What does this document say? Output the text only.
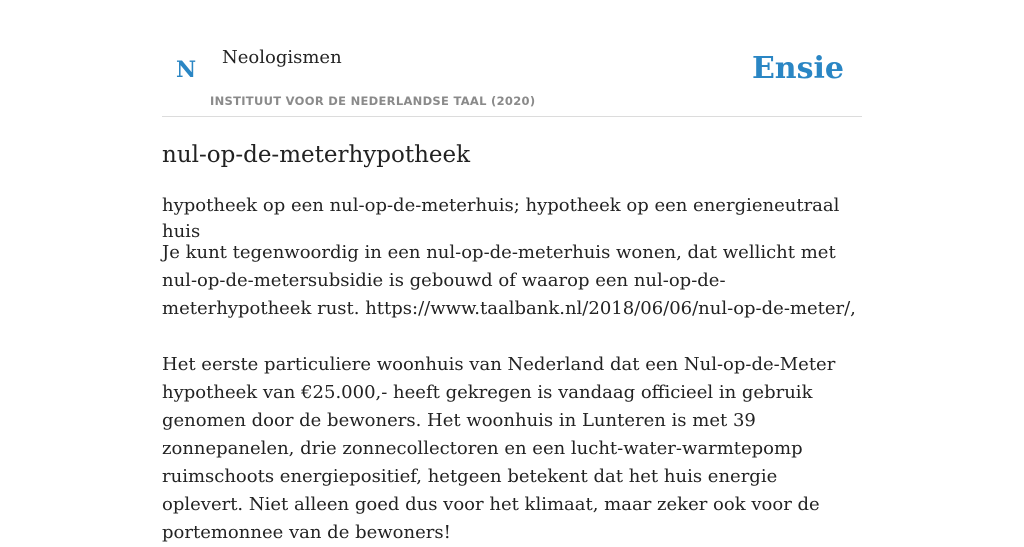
N Neologismen
INSTITUUT VOOR DE NEDERLANDSE TAAL (2020)
Ensie
nul-op-de-meterhypotheek
hypotheek op een nul-op-de-meterhuis; hypotheek op een energieneutraal huis

Je kunt tegenwoordig in een nul-op-de-meterhuis wonen, dat wellicht met nul-op-de-metersubsidie is gebouwd of waarop een nul-op-de-meterhypotheek rust. https://www.taalbank.nl/2018/06/06/nul-op-de-meter/,

Het eerste particuliere woonhuis van Nederland dat een Nul-op-de-Meter hypotheek van €25.000,- heeft gekregen is vandaag officieel in gebruik genomen door de bewoners. Het woonhuis in Lunteren is met 39 zonnepanelen, drie zonnecollectoren en een lucht-water-warmtepomp ruimschoots energiepositief, hetgeen betekent dat het huis energie oplevert. Niet alleen goed dus voor het klimaat, maar zeker ook voor de portemonnee van de bewoners!
